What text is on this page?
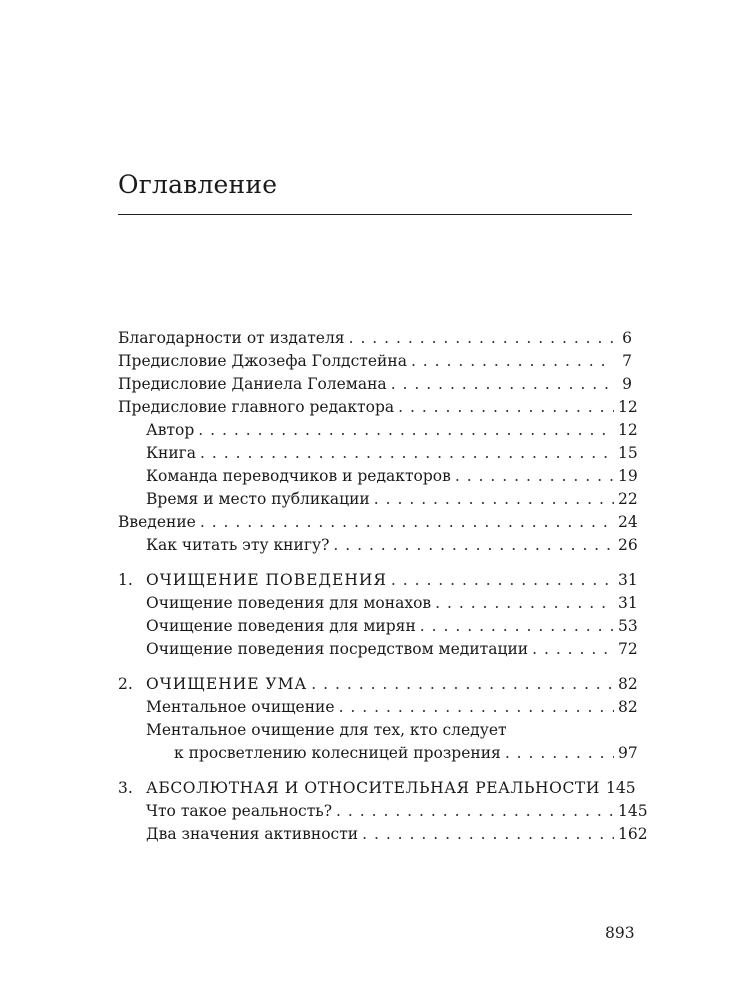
Оглавление
Благодарности от издателя . . .	6
Предисловие Джозефа Голдстейна . . .	7
Предисловие Даниела Големана . . .	9
Предисловие главного редактора . . .	12
Автор . . .	12
Книга . . .	15
Команда переводчиков и редакторов . . .	19
Время и место публикации . . .	22
Введение . . .	24
Как читать эту книгу? . . .	26
1. ОЧИЩЕНИЕ ПОВЕДЕНИЯ . . .	31
Очищение поведения для монахов . . .	31
Очищение поведения для мирян . . .	53
Очищение поведения посредством медитации . . .	72
2. ОЧИЩЕНИЕ УМА . . .	82
Ментальное очищение . . .	82
Ментальное очищение для тех, кто следует
к просветлению колесницей прозрения . . .	97
3. АБСОЛЮТНАЯ И ОТНОСИТЕЛЬНАЯ РЕАЛЬНОСТИ 145
Что такое реальность? . . .	145
Два значения активности . . .	162
893
